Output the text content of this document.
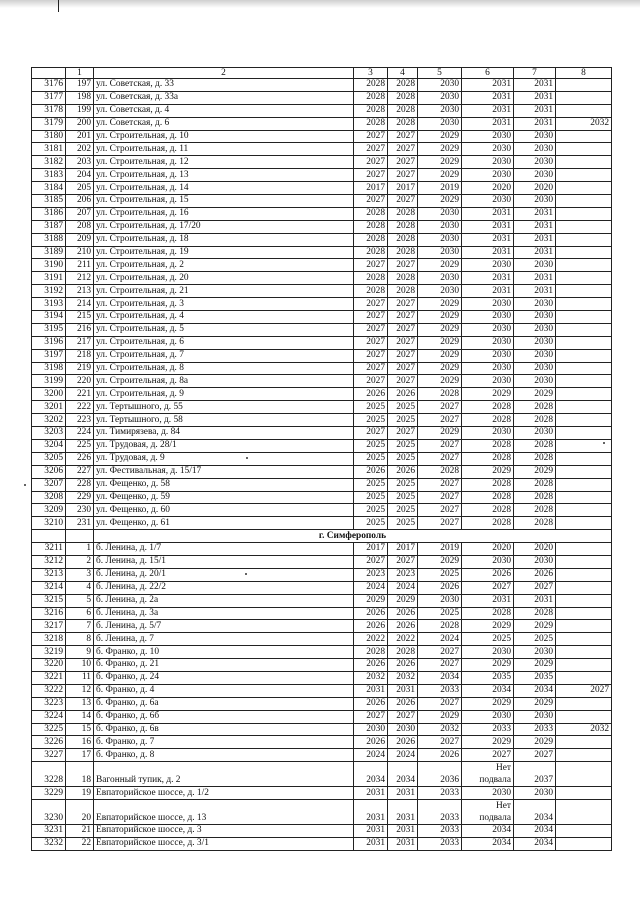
	1	2	3	4	5	6	7	8
3176	197	ул. Советская, д. 33	2028	2028	2030	2031	2031	
3177	198	ул. Советская, д. 33а	2028	2028	2030	2031	2031	
3178	199	ул. Советская, д. 4	2028	2028	2030	2031	2031	
3179	200	ул. Советская, д. 6	2028	2028	2030	2031	2031	2032
3180	201	ул. Строительная, д. 10	2027	2027	2029	2030	2030	
3181	202	ул. Строительная, д. 11	2027	2027	2029	2030	2030	
3182	203	ул. Строительная, д. 12	2027	2027	2029	2030	2030	
3183	204	ул. Строительная, д. 13	2027	2027	2029	2030	2030	
3184	205	ул. Строительная, д. 14	2017	2017	2019	2020	2020	
3185	206	ул. Строительная, д. 15	2027	2027	2029	2030	2030	
3186	207	ул. Строительная, д. 16	2028	2028	2030	2031	2031	
3187	208	ул. Строительная, д. 17/20	2028	2028	2030	2031	2031	
3188	209	ул. Строительная, д. 18	2028	2028	2030	2031	2031	
3189	210	ул. Строительная, д. 19	2028	2028	2030	2031	2031	
3190	211	ул. Строительная, д. 2	2027	2027	2029	2030	2030	
3191	212	ул. Строительная, д. 20	2028	2028	2030	2031	2031	
3192	213	ул. Строительная, д. 21	2028	2028	2030	2031	2031	
3193	214	ул. Строительная, д. 3	2027	2027	2029	2030	2030	
3194	215	ул. Строительная, д. 4	2027	2027	2029	2030	2030	
3195	216	ул. Строительная, д. 5	2027	2027	2029	2030	2030	
3196	217	ул. Строительная, д. 6	2027	2027	2029	2030	2030	
3197	218	ул. Строительная, д. 7	2027	2027	2029	2030	2030	
3198	219	ул. Строительная, д. 8	2027	2027	2029	2030	2030	
3199	220	ул. Строительная, д. 8а	2027	2027	2029	2030	2030	
3200	221	ул. Строительная, д. 9	2026	2026	2028	2029	2029	
3201	222	ул. Тертышного, д. 55	2025	2025	2027	2028	2028	
3202	223	ул. Тертышного, д. 58	2025	2025	2027	2028	2028	
3203	224	ул. Тимирязева, д. 84	2027	2027	2029	2030	2030	
3204	225	ул. Трудовая, д. 28/1	2025	2025	2027	2028	2028	
3205	226	ул. Трудовая, д. 9	2025	2025	2027	2028	2028	
3206	227	ул. Фестивальная, д. 15/17	2026	2026	2028	2029	2029	
3207	228	ул. Фещенко, д. 58	2025	2025	2027	2028	2028	
3208	229	ул. Фещенко, д. 59	2025	2025	2027	2028	2028	
3209	230	ул. Фещенко, д. 60	2025	2025	2027	2028	2028	
3210	231	ул. Фещенко, д. 61	2025	2025	2027	2028	2028	
		г. Симферополь						
3211	1	б. Ленина, д. 1/7	2017	2017	2019	2020	2020	
3212	2	б. Ленина, д. 15/1	2027	2027	2029	2030	2030	
3213	3	б. Ленина, д. 20/1	2023	2023	2025	2026	2026	
3214	4	б. Ленина, д. 22/2	2024	2024	2026	2027	2027	
3215	5	б. Ленина, д. 2а	2029	2029	2030	2031	2031	
3216	6	б. Ленина, д. 3а	2026	2026	2025	2028	2028	
3217	7	б. Ленина, д. 5/7	2026	2026	2028	2029	2029	
3218	8	б. Ленина, д. 7	2022	2022	2024	2025	2025	
3219	9	б. Франко, д. 10	2028	2028	2027	2030	2030	
3220	10	б. Франко, д. 21	2026	2026	2027	2029	2029	
3221	11	б. Франко, д. 24	2032	2032	2034	2035	2035	
3222	12	б. Франко, д. 4	2031	2031	2033	2034	2034	2027
3223	13	б. Франко, д. 6а	2026	2026	2027	2029	2029	
3224	14	б. Франко, д. 6б	2027	2027	2029	2030	2030	
3225	15	б. Франко, д. 6в	2030	2030	2032	2033	2033	2032
3226	16	б. Франко, д. 7	2026	2026	2027	2029	2029	
3227	17	б. Франко, д. 8	2024	2024	2026	2027	2027	
3228	18	Вагонный тупик, д. 2	2034	2034	2036	Нет подвала	2037	
3229	19	Евпаторийское шоссе, д. 1/2	2031	2031	2033	2030	2030	
3230	20	Евпаторийское шоссе, д. 13	2031	2031	2033	Нет подвала	2034	
3231	21	Евпаторийское шоссе, д. 3	2031	2031	2033	2034	2034	
3232	22	Евпаторийское шоссе, д. 3/1	2031	2031	2033	2034	2034	
